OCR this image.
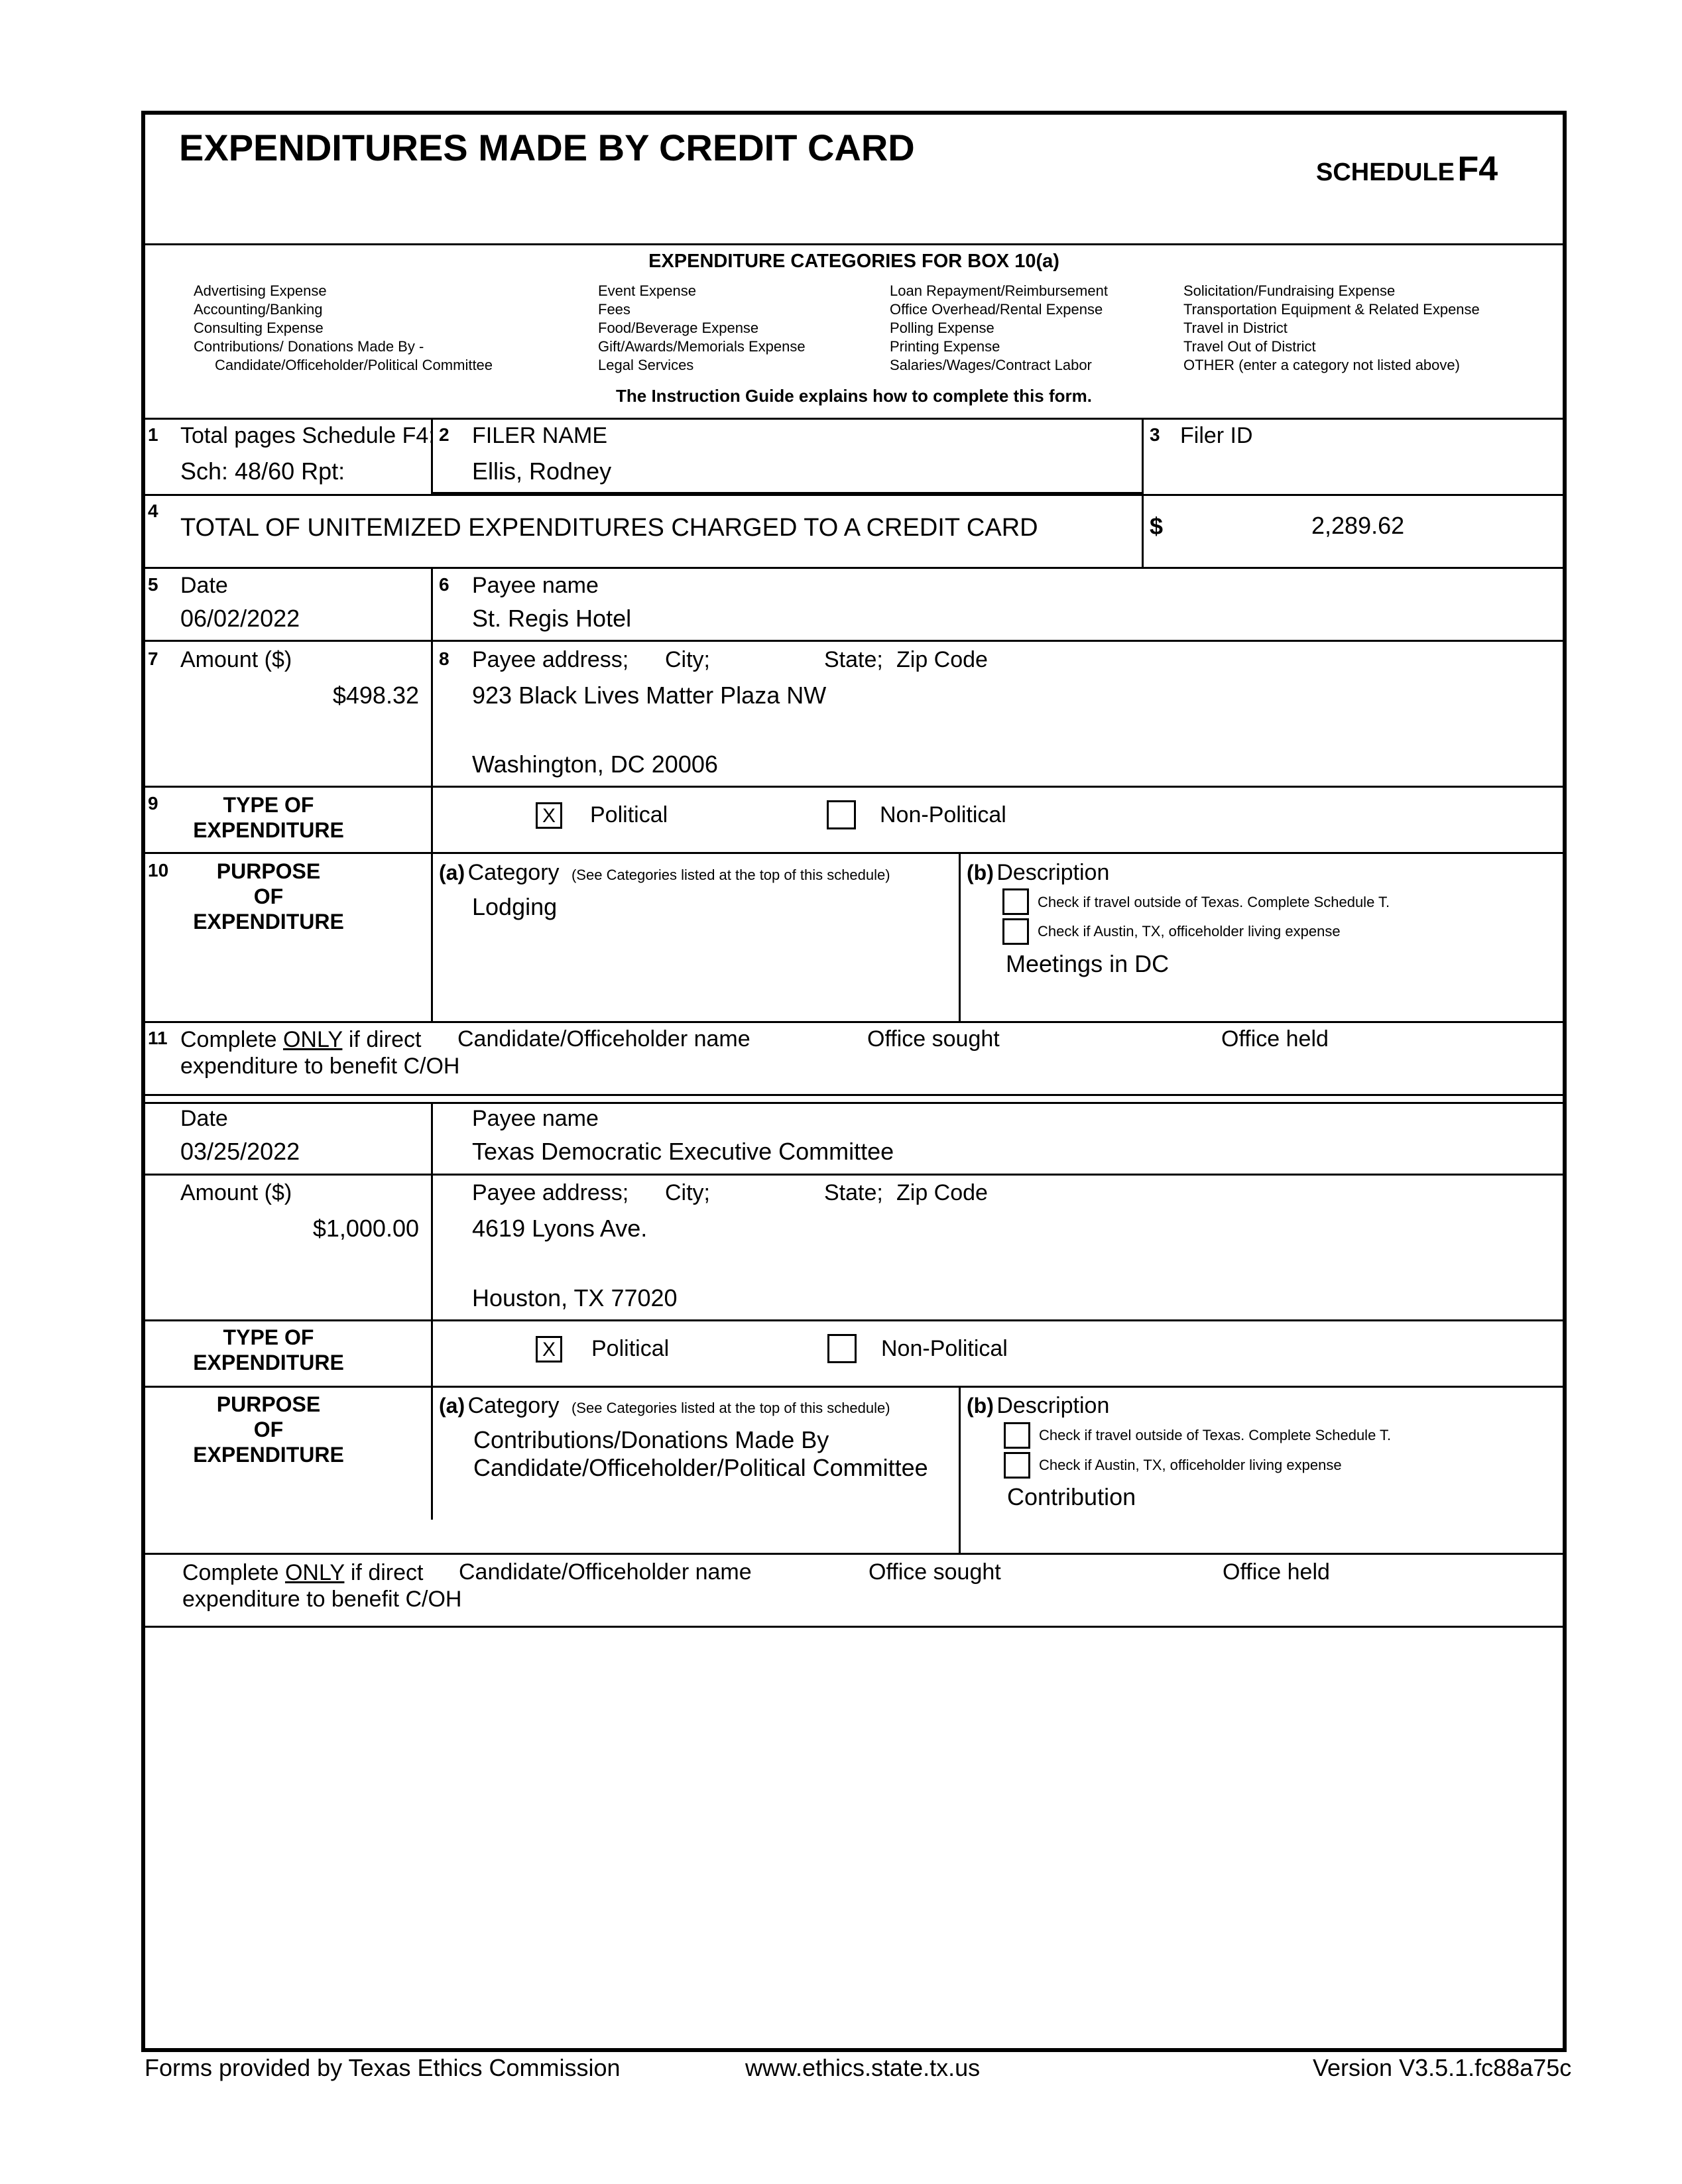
EXPENDITURES MADE BY CREDIT CARD
SCHEDULE F4
EXPENDITURE CATEGORIES FOR BOX 10(a)
Advertising Expense
Accounting/Banking
Consulting Expense
Contributions/ Donations Made By -
Candidate/Officeholder/Political Committee
Event Expense
Fees
Food/Beverage Expense
Gift/Awards/Memorials Expense
Legal Services
Loan Repayment/Reimbursement
Office Overhead/Rental Expense
Polling Expense
Printing Expense
Salaries/Wages/Contract Labor
Solicitation/Fundraising Expense
Transportation Equipment & Related Expense
Travel in District
Travel Out of District
OTHER (enter a category not listed above)
The Instruction Guide explains how to complete this form.
1 Total pages Schedule F4:
Sch: 48/60 Rpt:
2 FILER NAME
Ellis, Rodney
3 Filer ID
4
TOTAL OF UNITEMIZED EXPENDITURES CHARGED TO A CREDIT CARD	$	2,289.62
5 Date
06/02/2022
6 Payee name
St. Regis Hotel
7 Amount ($)
$498.32
8 Payee address; City;	State; Zip Code
923 Black Lives Matter Plaza NW
Washington, DC 20006
9	TYPE OF
EXPENDITURE
X Political	Non-Political
10	PURPOSE
OF
EXPENDITURE
(a) Category (See Categories listed at the top of this schedule)
Lodging
(b) Description
Check if travel outside of Texas. Complete Schedule T.
Check if Austin, TX, officeholder living expense
Meetings in DC
11 Complete ONLY if direct
expenditure to benefit C/OH
Candidate/Officeholder name	Office sought	Office held
Date
03/25/2022
Payee name
Texas Democratic Executive Committee
Amount ($)
$1,000.00
Payee address; City;	State; Zip Code
4619 Lyons Ave.
Houston, TX 77020
TYPE OF
EXPENDITURE
X Political	Non-Political
PURPOSE
OF
EXPENDITURE
(a) Category (See Categories listed at the top of this schedule)
Contributions/Donations Made By
Candidate/Officeholder/Political Committee
(b) Description
Check if travel outside of Texas. Complete Schedule T.
Check if Austin, TX, officeholder living expense
Contribution
Complete ONLY if direct
expenditure to benefit C/OH
Candidate/Officeholder name	Office sought	Office held
Forms provided by Texas Ethics Commission	www.ethics.state.tx.us	Version V3.5.1.fc88a75c
